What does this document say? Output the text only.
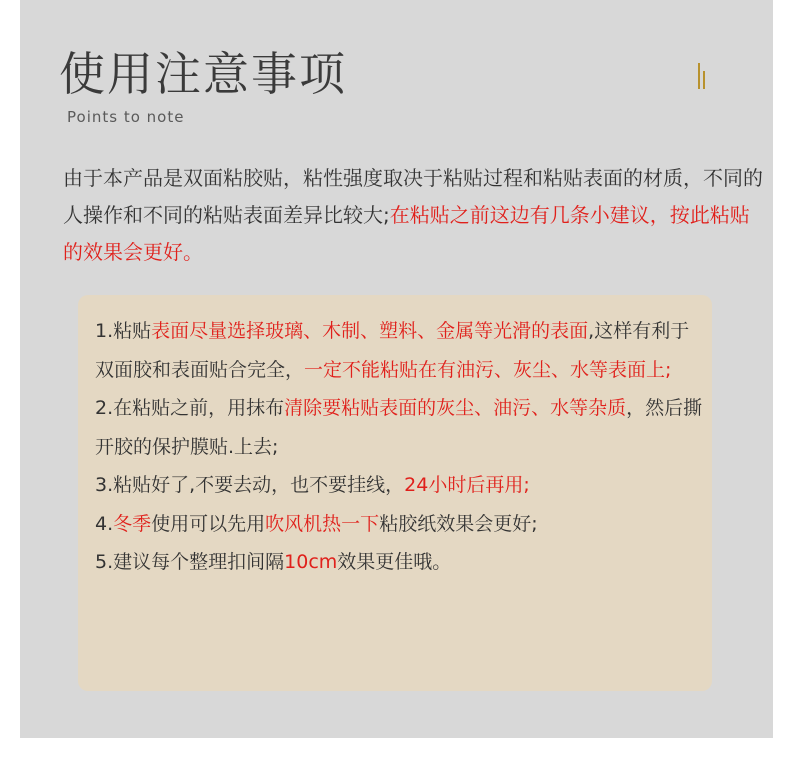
使用注意事项
Points to note
由于本产品是双面粘胶贴，粘性强度取决于粘贴过程和粘贴表面的材质，不同的人操作和不同的粘贴表面差异比较大;在粘贴之前这边有几条小建议，按此粘贴的效果会更好。

1.粘贴表面尽量选择玻璃、木制、塑料、金属等光滑的表面,这样有利于双面胶和表面贴合完全，一定不能粘贴在有油污、灰尘、水等表面上;

2.在粘贴之前，用抹布清除要粘贴表面的灰尘、油污、水等杂质，然后撕开胶的保护膜贴.上去;

3.粘贴好了,不要去动，也不要挂线，24小时后再用;

4.冬季使用可以先用吹风机热一下粘胶纸效果会更好;

5.建议每个整理扣间隔10cm效果更佳哦。
